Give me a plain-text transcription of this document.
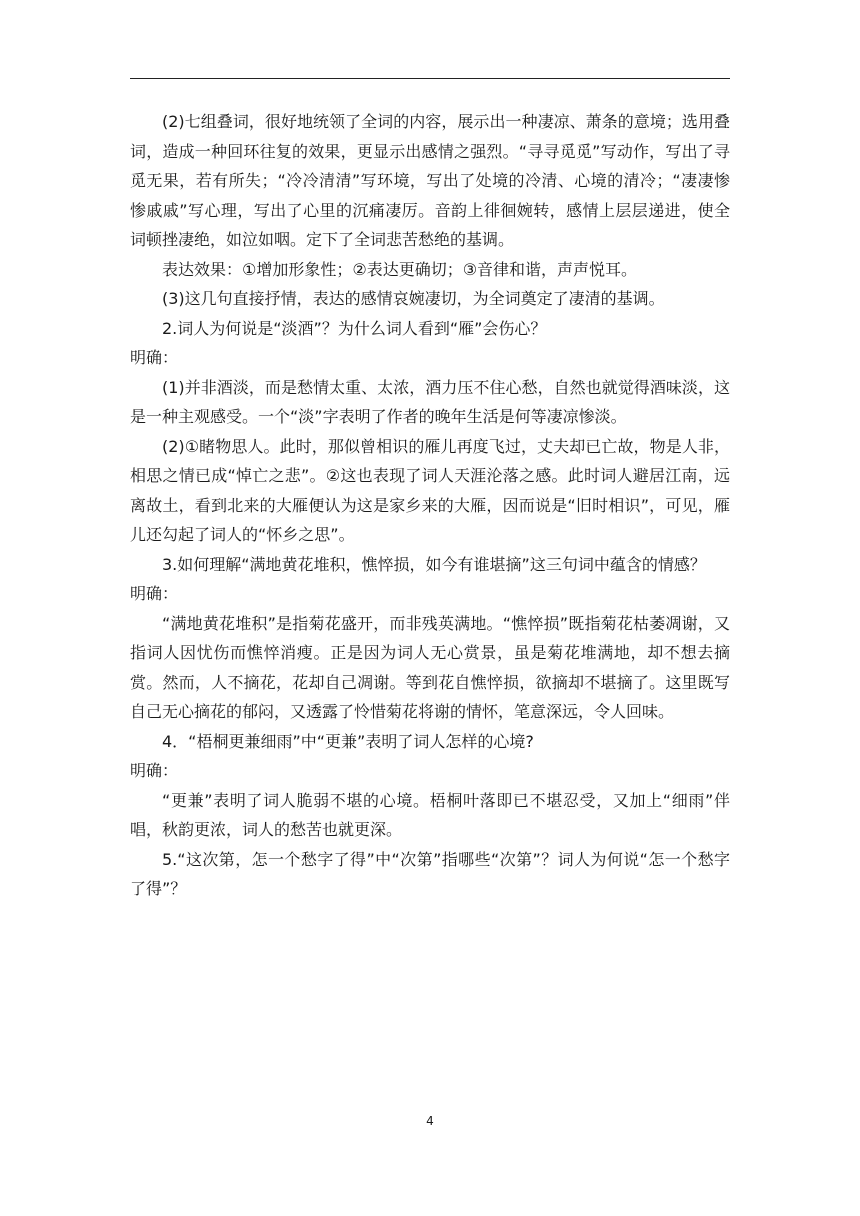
(2)七组叠词，很好地统领了全词的内容，展示出一种凄凉、萧条的意境；选用叠词，造成一种回环往复的效果，更显示出感情之强烈。“寻寻觅觅”写动作，写出了寻觅无果，若有所失；“冷冷清清”写环境，写出了处境的冷清、心境的清冷；“凄凄惨惨戚戚”写心理，写出了心里的沉痛凄厉。音韵上徘徊婉转，感情上层层递进，使全词顿挫凄绝，如泣如咽。定下了全词悲苦愁绝的基调。

表达效果：①增加形象性；②表达更确切；③音律和谐，声声悦耳。

(3)这几句直接抒情，表达的感情哀婉凄切，为全词奠定了凄清的基调。

2.词人为何说是“淡酒”？为什么词人看到“雁”会伤心？

明确：

(1)并非酒淡，而是愁情太重、太浓，酒力压不住心愁，自然也就觉得酒味淡，这是一种主观感受。一个“淡”字表明了作者的晚年生活是何等凄凉惨淡。

(2)①睹物思人。此时，那似曾相识的雁儿再度飞过，丈夫却已亡故，物是人非，相思之情已成“悼亡之悲”。②这也表现了词人天涯沦落之感。此时词人避居江南，远离故土，看到北来的大雁便认为这是家乡来的大雁，因而说是“旧时相识”，可见，雁儿还勾起了词人的“怀乡之思”。

3.如何理解“满地黄花堆积，憔悴损，如今有谁堪摘”这三句词中蕴含的情感？

明确：

“满地黄花堆积”是指菊花盛开，而非残英满地。“憔悴损”既指菊花枯萎凋谢，又指词人因忧伤而憔悴消瘦。正是因为词人无心赏景，虽是菊花堆满地，却不想去摘赏。然而，人不摘花，花却自己凋谢。等到花自憔悴损，欲摘却不堪摘了。这里既写自己无心摘花的郁闷，又透露了怜惜菊花将谢的情怀，笔意深远，令人回味。

4．“梧桐更兼细雨”中“更兼”表明了词人怎样的心境?

明确：

“更兼”表明了词人脆弱不堪的心境。梧桐叶落即已不堪忍受，又加上“细雨”伴唱，秋韵更浓，词人的愁苦也就更深。

5.“这次第，怎一个愁字了得”中“次第”指哪些“次第”？词人为何说“怎一个愁字了得”？

4
